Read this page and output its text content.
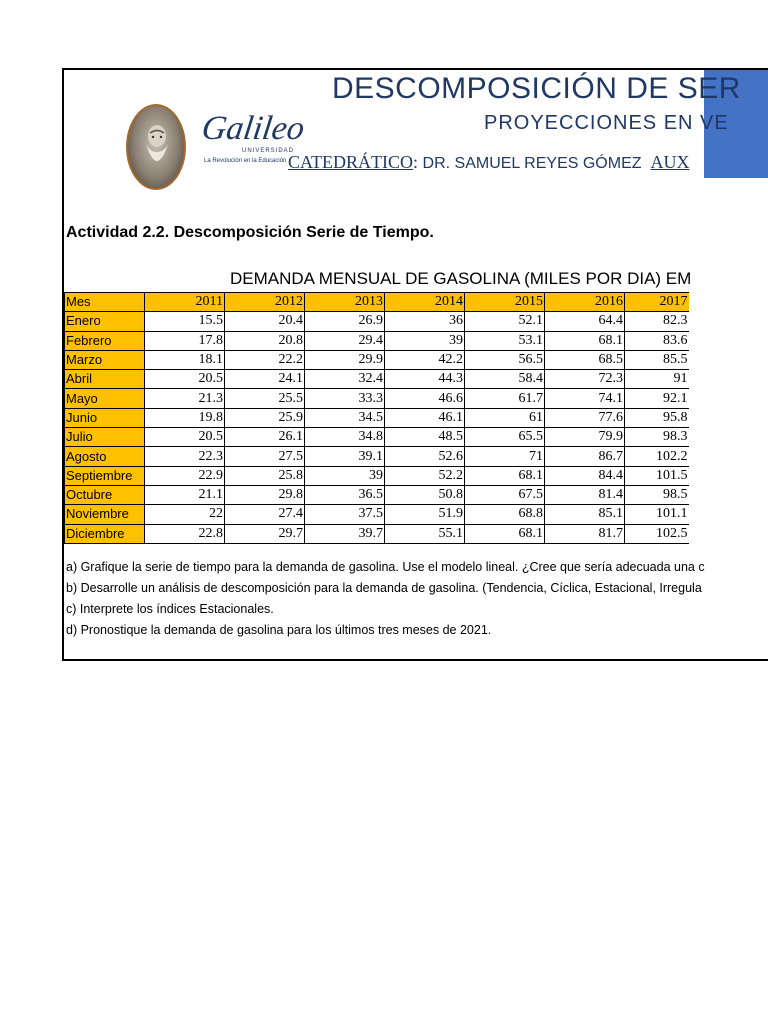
Galileo
UNIVERSIDAD
La Revolución en la Educación
DESCOMPOSICIÓN DE SER
PROYECCIONES EN VE
CATEDRÁTICO: DR. SAMUEL REYES GÓMEZ AUX
Actividad 2.2. Descomposición Serie de Tiempo.
DEMANDA MENSUAL DE GASOLINA (MILES POR DIA) EM
Mes	2011	2012	2013	2014	2015	2016	2017
Enero	15.5	20.4	26.9	36	52.1	64.4	82.3
Febrero	17.8	20.8	29.4	39	53.1	68.1	83.6
Marzo	18.1	22.2	29.9	42.2	56.5	68.5	85.5
Abril	20.5	24.1	32.4	44.3	58.4	72.3	91
Mayo	21.3	25.5	33.3	46.6	61.7	74.1	92.1
Junio	19.8	25.9	34.5	46.1	61	77.6	95.8
Julio	20.5	26.1	34.8	48.5	65.5	79.9	98.3
Agosto	22.3	27.5	39.1	52.6	71	86.7	102.2
Septiembre	22.9	25.8	39	52.2	68.1	84.4	101.5
Octubre	21.1	29.8	36.5	50.8	67.5	81.4	98.5
Noviembre	22	27.4	37.5	51.9	68.8	85.1	101.1
Diciembre	22.8	29.7	39.7	55.1	68.1	81.7	102.5
a) Grafique la serie de tiempo para la demanda de gasolina. Use el modelo lineal. ¿Cree que sería adecuada una c
b) Desarrolle un análisis de descomposición para la demanda de gasolina. (Tendencia, Cíclica, Estacional, Irregula
c) Interprete los índices Estacionales.
d) Pronostique la demanda de gasolina para los últimos tres meses de 2021.
